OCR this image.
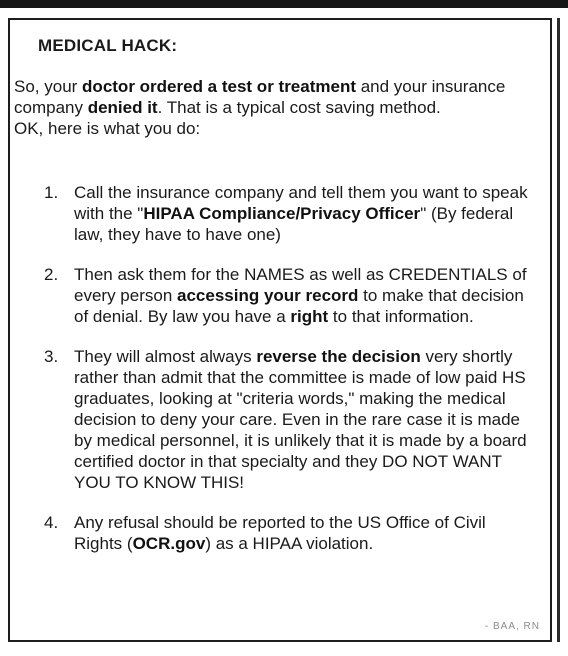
MEDICAL HACK:
So, your doctor ordered a test or treatment and your insurance company denied it. That is a typical cost saving method.
OK, here is what you do:
1. Call the insurance company and tell them you want to speak with the "HIPAA Compliance/Privacy Officer" (By federal law, they have to have one)
2. Then ask them for the NAMES as well as CREDENTIALS of every person accessing your record to make that decision of denial. By law you have a right to that information.
3. They will almost always reverse the decision very shortly rather than admit that the committee is made of low paid HS graduates, looking at "criteria words," making the medical decision to deny your care. Even in the rare case it is made by medical personnel, it is unlikely that it is made by a board certified doctor in that specialty and they DO NOT WANT YOU TO KNOW THIS!
4. Any refusal should be reported to the US Office of Civil Rights (OCR.gov) as a HIPAA violation.
- BAA, RN
